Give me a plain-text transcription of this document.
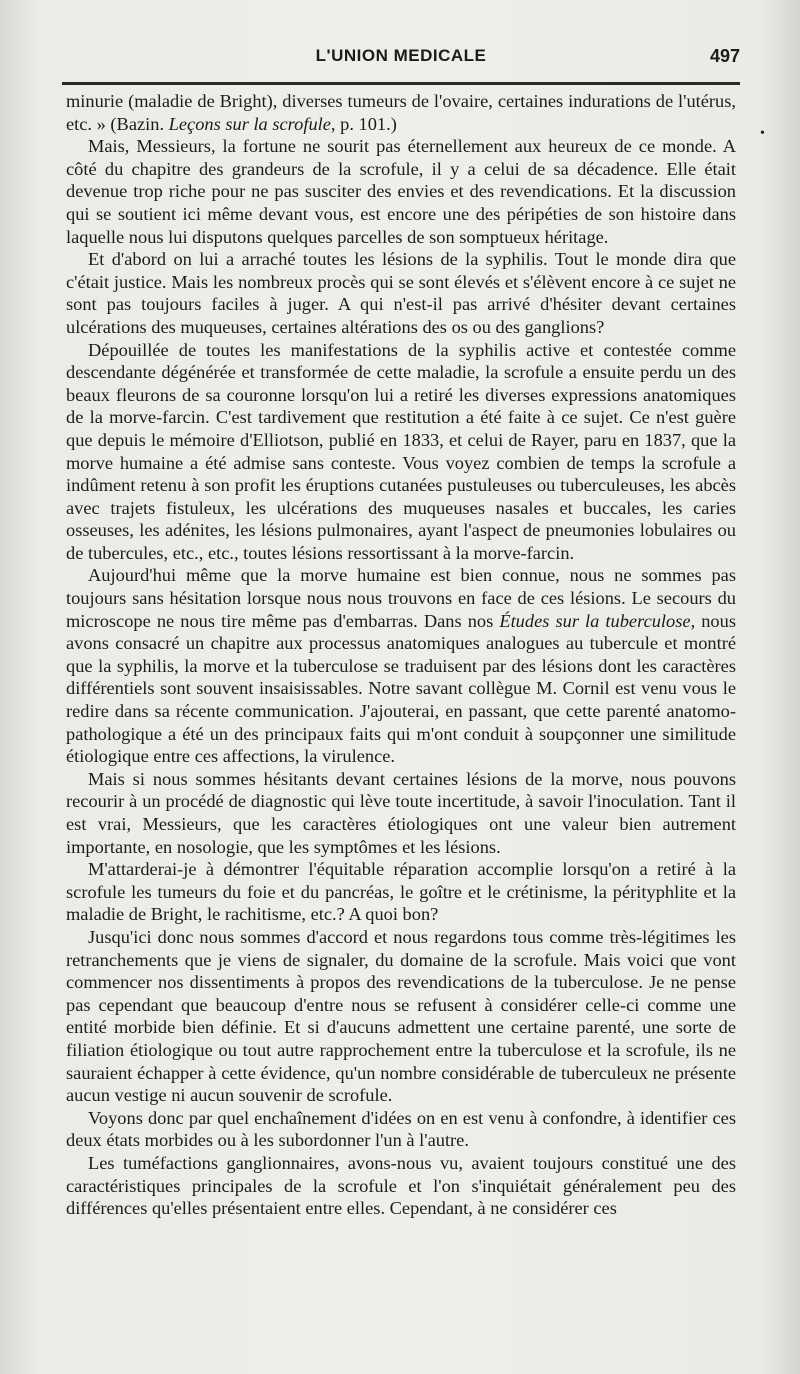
L'UNION MEDICALE	497
•

minurie (maladie de Bright), diverses tumeurs de l'ovaire, certaines indurations de l'utérus, etc. » (Bazin. Leçons sur la scrofule, p. 101.)

Mais, Messieurs, la fortune ne sourit pas éternellement aux heureux de ce monde. A côté du chapitre des grandeurs de la scrofule, il y a celui de sa décadence. Elle était devenue trop riche pour ne pas susciter des envies et des revendications. Et la discussion qui se soutient ici même devant vous, est encore une des péripéties de son histoire dans laquelle nous lui disputons quelques parcelles de son somptueux héritage.

Et d'abord on lui a arraché toutes les lésions de la syphilis. Tout le monde dira que c'était justice. Mais les nombreux procès qui se sont élevés et s'élèvent encore à ce sujet ne sont pas toujours faciles à juger. A qui n'est-il pas arrivé d'hésiter devant certaines ulcérations des muqueuses, certaines altérations des os ou des ganglions?

Dépouillée de toutes les manifestations de la syphilis active et contestée comme descendante dégénérée et transformée de cette maladie, la scrofule a ensuite perdu un des beaux fleurons de sa couronne lorsqu'on lui a retiré les diverses expressions anatomiques de la morve-farcin. C'est tardivement que restitution a été faite à ce sujet. Ce n'est guère que depuis le mémoire d'Elliotson, publié en 1833, et celui de Rayer, paru en 1837, que la morve humaine a été admise sans conteste. Vous voyez combien de temps la scrofule a indûment retenu à son profit les éruptions cutanées pustuleuses ou tuberculeuses, les abcès avec trajets fistuleux, les ulcérations des muqueuses nasales et buccales, les caries osseuses, les adénites, les lésions pulmonaires, ayant l'aspect de pneumonies lobulaires ou de tubercules, etc., etc., toutes lésions ressortissant à la morve-farcin.

Aujourd'hui même que la morve humaine est bien connue, nous ne sommes pas toujours sans hésitation lorsque nous nous trouvons en face de ces lésions. Le secours du microscope ne nous tire même pas d'embarras. Dans nos Études sur la tuberculose, nous avons consacré un chapitre aux processus anatomiques analogues au tubercule et montré que la syphilis, la morve et la tuberculose se traduisent par des lésions dont les caractères différentiels sont souvent insaisissables. Notre savant collègue M. Cornil est venu vous le redire dans sa récente communication. J'ajouterai, en passant, que cette parenté anatomo-pathologique a été un des principaux faits qui m'ont conduit à soupçonner une similitude étiologique entre ces affections, la virulence.

Mais si nous sommes hésitants devant certaines lésions de la morve, nous pouvons recourir à un procédé de diagnostic qui lève toute incertitude, à savoir l'inoculation. Tant il est vrai, Messieurs, que les caractères étiologiques ont une valeur bien autrement importante, en nosologie, que les symptômes et les lésions.

M'attarderai-je à démontrer l'équitable réparation accomplie lorsqu'on a retiré à la scrofule les tumeurs du foie et du pancréas, le goître et le crétinisme, la pérityphlite et la maladie de Bright, le rachitisme, etc.? A quoi bon?

Jusqu'ici donc nous sommes d'accord et nous regardons tous comme très-légitimes les retranchements que je viens de signaler, du domaine de la scrofule. Mais voici que vont commencer nos dissentiments à propos des revendications de la tuberculose. Je ne pense pas cependant que beaucoup d'entre nous se refusent à considérer celle-ci comme une entité morbide bien définie. Et si d'aucuns admettent une certaine parenté, une sorte de filiation étiologique ou tout autre rapprochement entre la tuberculose et la scrofule, ils ne sauraient échapper à cette évidence, qu'un nombre considérable de tuberculeux ne présente aucun vestige ni aucun souvenir de scrofule.

Voyons donc par quel enchaînement d'idées on en est venu à confondre, à identifier ces deux états morbides ou à les subordonner l'un à l'autre.

Les tuméfactions ganglionnaires, avons-nous vu, avaient toujours constitué une des caractéristiques principales de la scrofule et l'on s'inquiétait généralement peu des différences qu'elles présentaient entre elles. Cependant, à ne considérer ces
